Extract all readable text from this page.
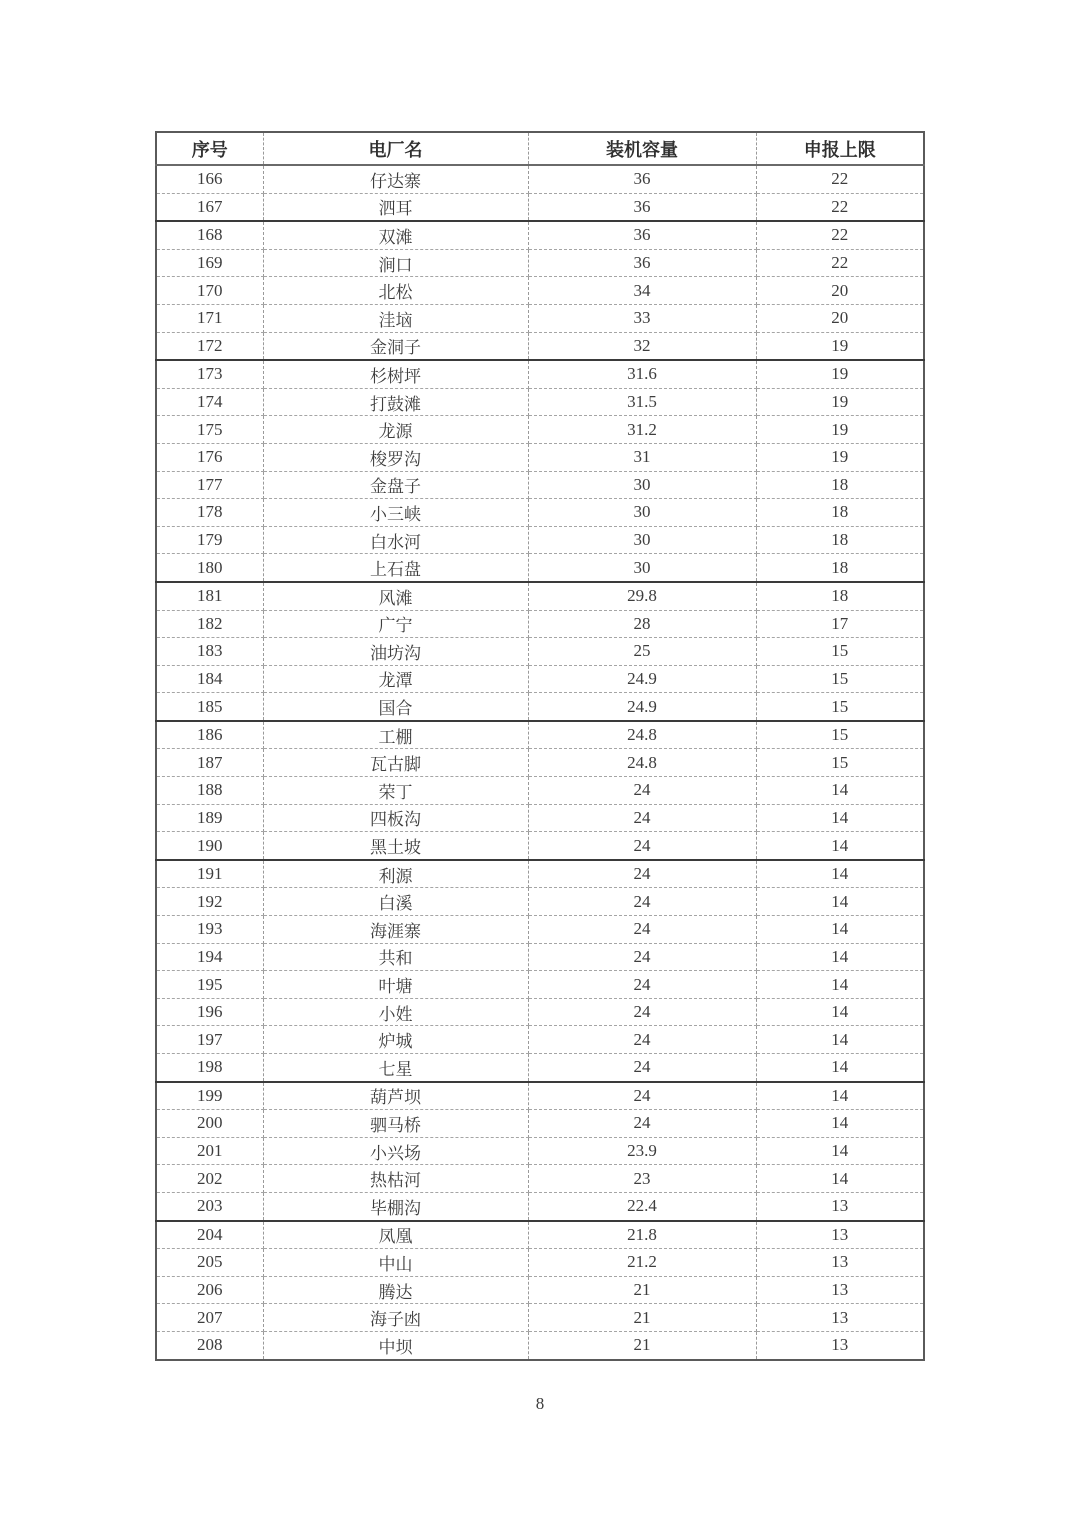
序号	电厂名	装机容量	申报上限
166	仔达寨	36	22
167	泗耳	36	22
168	双滩	36	22
169	涧口	36	22
170	北松	34	20
171	洼垴	33	20
172	金洞子	32	19
173	杉树坪	31.6	19
174	打鼓滩	31.5	19
175	龙源	31.2	19
176	梭罗沟	31	19
177	金盘子	30	18
178	小三峡	30	18
179	白水河	30	18
180	上石盘	30	18
181	风滩	29.8	18
182	广宁	28	17
183	油坊沟	25	15
184	龙潭	24.9	15
185	国合	24.9	15
186	工棚	24.8	15
187	瓦古脚	24.8	15
188	荣丁	24	14
189	四板沟	24	14
190	黑土坡	24	14
191	利源	24	14
192	白溪	24	14
193	海涯寨	24	14
194	共和	24	14
195	叶塘	24	14
196	小姓	24	14
197	炉城	24	14
198	七星	24	14
199	葫芦坝	24	14
200	驷马桥	24	14
201	小兴场	23.9	14
202	热枯河	23	14
203	毕棚沟	22.4	13
204	凤凰	21.8	13
205	中山	21.2	13
206	腾达	21	13
207	海子凼	21	13
208	中坝	21	13
8
